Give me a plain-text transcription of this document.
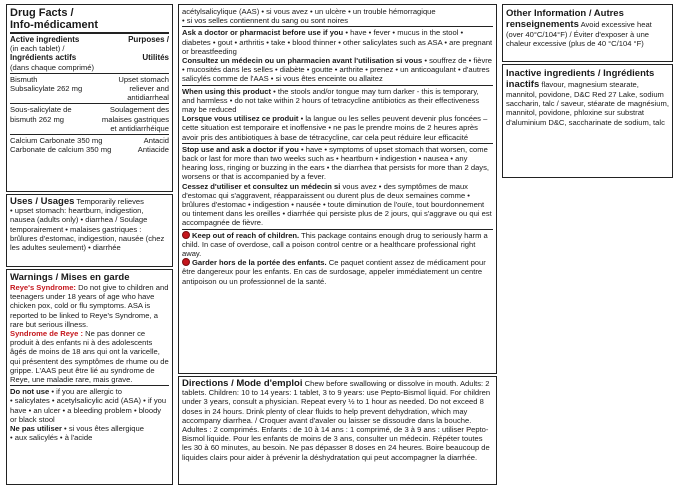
Drug Facts /
Info-médicament
Active ingredients	Purposes /
(in each tablet) /
Ingrédients actifs	Utilités
(dans chaque comprimé)
Bismuth	Upset stomach
Subsalicylate 262 mg	reliever and antidiarrheal
Sous-salicylate de	Soulagement des
bismuth 262 mg	malaises gastriques et antidiarrhéique
Calcium Carbonate 350 mg	Antacid
Carbonate de calcium 350 mg	Antiacide
Uses / Usages Temporarily relieves
• upset stomach: heartburn, indigestion, nausea (adults only) • diarrhea / Soulage temporairement • malaises gastriques : brûlures d'estomac, indigestion, nausée (chez les adultes seulement) • diarrhée
Warnings / Mises en garde
Reye's Syndrome: Do not give to children and teenagers under 18 years of age who have chicken pox, cold or flu symptoms. ASA is reported to be linked to Reye's Syndrome, a rare but serious illness.
Syndrome de Reye : Ne pas donner ce produit à des enfants ni à des adolescents âgés de moins de 18 ans qui ont la varicelle, qui présentent des symptômes de rhume ou de grippe. L'AAS peut être lié au syndrome de Reye, une maladie rare, mais grave.
Do not use • if you are allergic to
• salicylates • acetylsalicylic acid (ASA) • if you have • an ulcer • a bleeding problem • bloody or black stool
Ne pas utiliser • si vous êtes allergique
• aux salicylés • à l'acide
acétylsalicylique (AAS) • si vous avez • un ulcère • un trouble hémorragique
• si vos selles contiennent du sang ou sont noires
Ask a doctor or pharmacist before use if you • have • fever • mucus in the stool • diabetes • gout • arthritis • take • blood thinner • other salicylates such as ASA • are pregnant or breastfeeding
Consultez un médecin ou un pharmacien avant l'utilisation si vous • souffrez de • fièvre • mucosités dans les selles • diabète • goutte • arthrite • prenez • un anticoagulant • d'autres salicylés comme de l'AAS • si vous êtes enceinte ou allaitez
When using this product • the stools and/or tongue may turn darker - this is temporary, and harmless • do not take within 2 hours of tetracycline antibiotics as their effectiveness may be reduced
Lorsque vous utilisez ce produit • la langue ou les selles peuvent devenir plus foncées – cette situation est temporaire et inoffensive • ne pas le prendre moins de 2 heures après avoir pris des antibiotiques à base de tétracycline, car cela peut réduire leur efficacité
Stop use and ask a doctor if you • have • symptoms of upset stomach that worsen, come back or last for more than two weeks such as • heartburn • indigestion • nausea • any hearing loss, ringing or buzzing in the ears • the diarrhea that persists for more than 2 days, worsens or that is accompanied by a fever.
Cessez d'utiliser et consultez un médecin si vous avez • des symptômes de maux d'estomac qui s'aggravent, réapparaissent ou durent plus de deux semaines comme • brûlures d'estomac • indigestion • nausée • toute diminution de l'ouïe, tout bourdonnement ou tintement dans les oreilles • diarrhée qui persiste plus de 2 jours, qui s'aggrave ou qui est accompagnée de fièvre.
Keep out of reach of children. This package contains enough drug to seriously harm a child. In case of overdose, call a poison control centre or a healthcare professional right away.
Garder hors de la portée des enfants. Ce paquet contient assez de médicament pour être dangereux pour les enfants. En cas de surdosage, appeler immédiatement un centre antipoison ou un professionnel de la santé.
Directions / Mode d'emploi Chew before swallowing or dissolve in mouth. Adults: 2 tablets. Children: 10 to 14 years: 1 tablet, 3 to 9 years: use Pepto-Bismol liquid. For children under 3 years, consult a physician. Repeat every ½ to 1 hour as needed. Do not exceed 8 doses in 24 hours. Drink plenty of clear fluids to help prevent dehydration, which may accompany diarrhea. / Croquer avant d'avaler ou laisser se dissoudre dans la bouche. Adultes : 2 comprimés. Enfants : de 10 à 14 ans : 1 comprimé, de 3 à 9 ans : utiliser Pepto-Bismol liquide. Pour les enfants de moins de 3 ans, consulter un médecin. Répéter toutes les 30 à 60 minutes, au besoin. Ne pas dépasser 8 doses en 24 heures. Boire beaucoup de liquides clairs pour aider à prévenir la déshydratation qui peut accompagner la diarrhée.
Other Information / Autres renseignements Avoid excessive heat (over 40°C/104°F) / Éviter d'exposer à une chaleur excessive (plus de 40 °C/104 °F)
Inactive ingredients / Ingrédients inactifs flavour, magnesium stearate, mannitol, povidone, D&C Red 27 Lake, sodium saccharin, talc / saveur, stéarate de magnésium, mannitol, povidone, phloxine sur substrat d'aluminium D&C, saccharinate de sodium, talc
